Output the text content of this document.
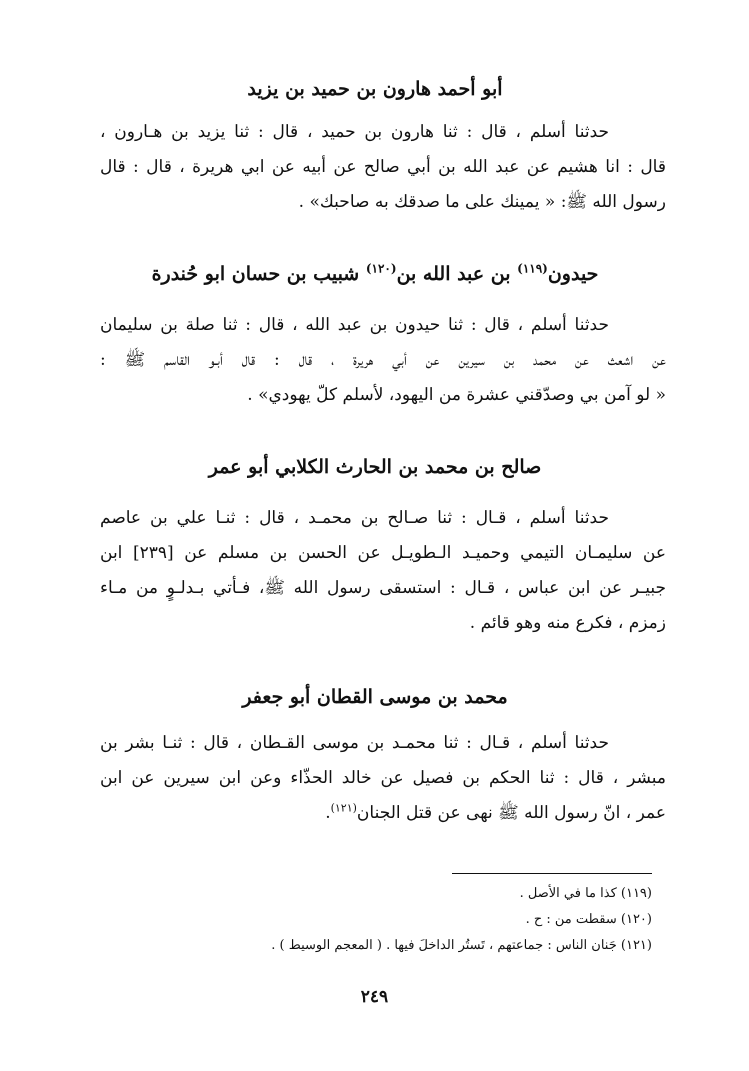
أبو أحمد هارون بن حميد بن يزيد
حدثنا أسلم ، قال : ثنا هارون بن حميد ، قال : ثنا يزيد بن هـارون ،
قال : انا هشيم عن عبد الله بن أبي صالح عن أبيه عن ابي هريرة ، قال : قال
رسول الله ﷺ: « يمينك على ما صدقك به صاحبك» .
حيدون$^{(١١٩)}$ بن عبد الله بن$^{(١٢٠)}$ شبيب بن حسان ابو حُندرة
حدثنا أسلم ، قال : ثنا حيدون بن عبد الله ، قال : ثنا صلة بن سليمان
عن اشعث عن محمد بن سيرين عن أبي هريرة ، قال : قال أبـو القاسم ﷺ :
« لو آمن بي وصدّقني عشرة من اليهود، لأسلم كلّ يهودي» .
صالح بن محمد بن الحارث الكلابي أبو عمر
حدثنا أسلم ، قـال : ثنا صـالح بن محمـد ، قال : ثنـا علي بن عاصم
عن سليمـان التيمي وحميـد الـطويـل عن الحسن بن مسلم عن [٢٣٩] ابن
جبيـر عن ابن عباس ، قـال : استسقى رسول الله ﷺ، فـأتي بـدلـوٍ من مـاء
زمزم ، فكرع منه وهو قائم .
محمد بن موسى القطان أبو جعفر
حدثنا أسلم ، قـال : ثنا محمـد بن موسى القـطان ، قال : ثنـا بشر بن
مبشر ، قال : ثنا الحكم بن فصيل عن خالد الحذّاء وعن ابن سيرين عن ابن
عمر ، انّ رسول الله ﷺ نهى عن قتل الجنان$^{(١٢١)}$.
(١١٩) كذا ما في الأصل .
(١٢٠) سقطت من : ح .
(١٢١) جَنان الناس : جماعتهم ، تَستُر الداخلَ فيها . ( المعجم الوسيط ) .
٢٤٩
